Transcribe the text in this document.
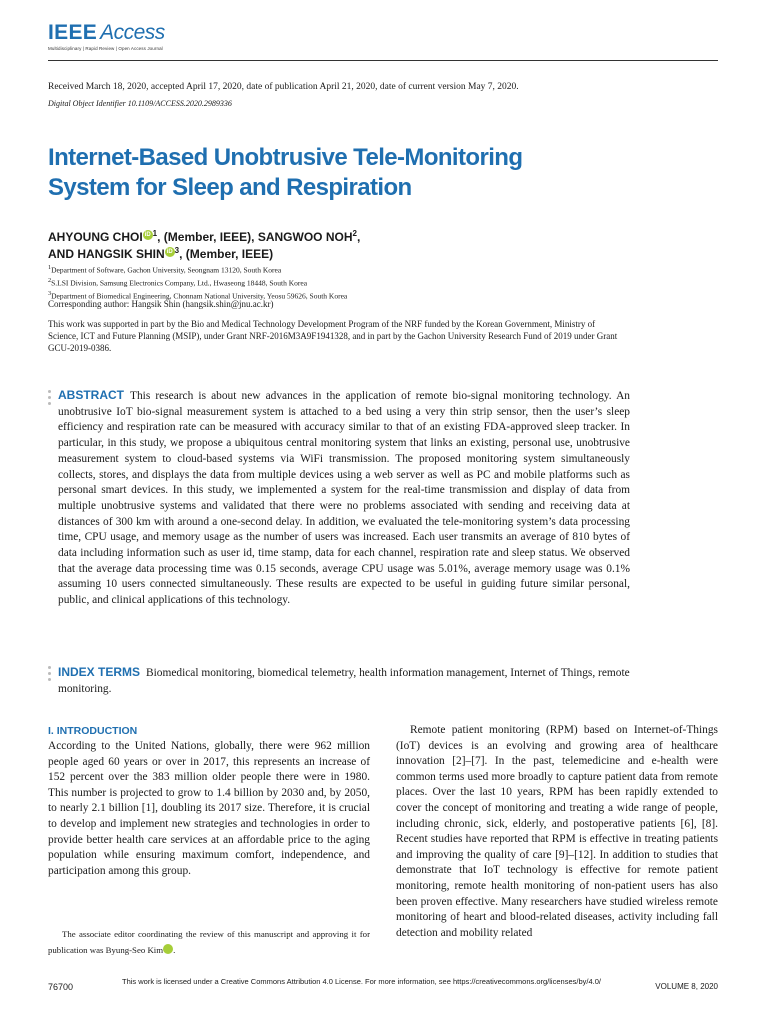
IEEE Access
Multidisciplinary | Rapid Review | Open Access Journal
Received March 18, 2020, accepted April 17, 2020, date of publication April 21, 2020, date of current version May 7, 2020.
Digital Object Identifier 10.1109/ACCESS.2020.2989336
Internet-Based Unobtrusive Tele-Monitoring
System for Sleep and Respiration
AHYOUNG CHOI iD $^1$, (Member, IEEE), SANGWOO NOH$^2$,
AND HANGSIK SHIN iD $^3$, (Member, IEEE)
$^1$Department of Software, Gachon University, Seongnam 13120, South Korea
$^2$S.LSI Division, Samsung Electronics Company, Ltd., Hwaseong 18448, South Korea
$^3$Department of Biomedical Engineering, Chonnam National University, Yeosu 59626, South Korea
Corresponding author: Hangsik Shin (hangsik.shin@jnu.ac.kr)
This work was supported in part by the Bio and Medical Technology Development Program of the NRF funded by the Korean Government, Ministry of Science, ICT and Future Planning (MSIP), under Grant NRF-2016M3A9F1941328, and in part by the Gachon University Research Fund of 2019 under Grant GCU-2019-0386.
ABSTRACT This research is about new advances in the application of remote bio-signal monitoring technology. An unobtrusive IoT bio-signal measurement system is attached to a bed using a very thin strip sensor, then the user’s sleep efficiency and respiration rate can be measured with accuracy similar to that of an existing FDA-approved sleep tracker. In particular, in this study, we propose a ubiquitous central monitoring system that links an existing, personal use, unobtrusive measurement system to cloud-based systems via WiFi transmission. The proposed monitoring system simultaneously collects, stores, and displays the data from multiple devices using a web server as well as PC and mobile platforms such as personal smart devices. In this study, we implemented a system for the real-time transmission and display of data from multiple unobtrusive systems and validated that there were no problems associated with sending and receiving data at distances of 300 km with around a one-second delay. In addition, we evaluated the tele-monitoring system’s data processing time, CPU usage, and memory usage as the number of users was increased. Each user transmits an average of 810 bytes of data including information such as user id, time stamp, data for each channel, respiration rate and sleep status. We observed that the average data processing time was 0.15 seconds, average CPU usage was 5.01%, average memory usage was 0.1% assuming 10 users connected simultaneously. These results are expected to be useful in guiding future similar personal, public, and clinical applications of this technology.
INDEX TERMS Biomedical monitoring, biomedical telemetry, health information management, Internet of Things, remote monitoring.
I. INTRODUCTION

According to the United Nations, globally, there were 962 million people aged 60 years or over in 2017, this represents an increase of 152 percent over the 383 million older people there were in 1980. This number is projected to grow to 1.4 billion by 2030 and, by 2050, to nearly 2.1 billion [1], doubling its 2017 size. Therefore, it is crucial to develop and implement new strategies and technologies in order to provide better health care services at an affordable price to the aging population while ensuring maximum comfort, independence, and participation among this group.

The associate editor coordinating the review of this manuscript and approving it for publication was Byung-Seo Kim iD.

Remote patient monitoring (RPM) based on Internet-of-Things (IoT) devices is an evolving and growing area of healthcare innovation [2]–[7]. In the past, telemedicine and e-health were common terms used more broadly to capture patient data from remote places. Over the last 10 years, RPM has been rapidly extended to cover the concept of monitoring and treating a wide range of people, including chronic, sick, elderly, and postoperative patients [6], [8]. Recent studies have reported that RPM is effective in treating patients and improving the quality of care [9]–[12]. In addition to studies that demonstrate that IoT technology is effective for remote patient monitoring, remote health monitoring of non-patient users has also been proven effective. Many researchers have studied wireless remote monitoring of heart and blood-related diseases, activity including fall detection and mobility related

76700
This work is licensed under a Creative Commons Attribution 4.0 License. For more information, see https://creativecommons.org/licenses/by/4.0/
VOLUME 8, 2020
